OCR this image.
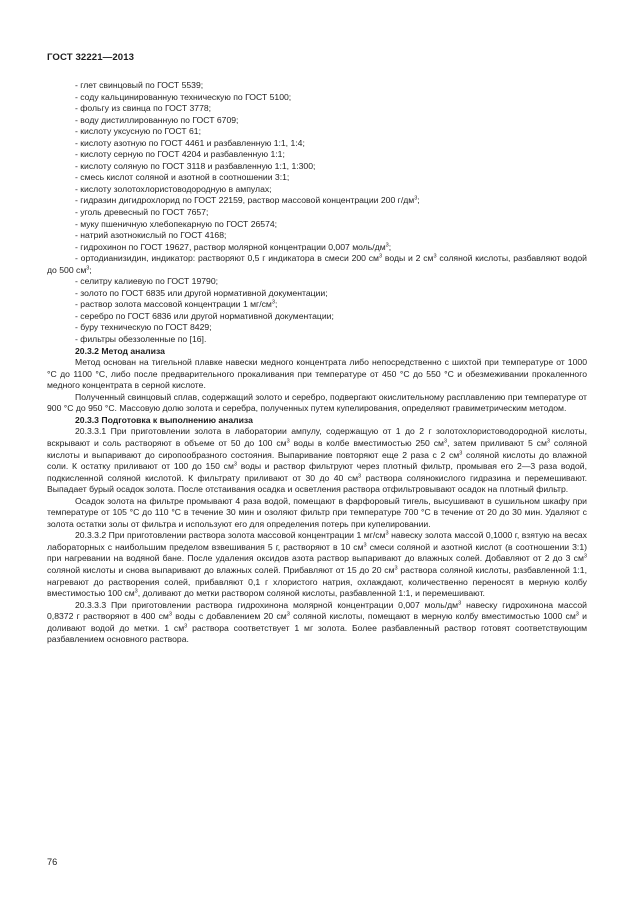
ГОСТ 32221—2013
- глет свинцовый по ГОСТ 5539;
- соду кальцинированную техническую по ГОСТ 5100;
- фольгу из свинца по ГОСТ 3778;
- воду дистиллированную по ГОСТ 6709;
- кислоту уксусную по ГОСТ 61;
- кислоту азотную по ГОСТ 4461 и разбавленную 1:1, 1:4;
- кислоту серную по ГОСТ 4204 и разбавленную 1:1;
- кислоту соляную по ГОСТ 3118 и разбавленную 1:1, 1:300;
- смесь кислот соляной и азотной в соотношении 3:1;
- кислоту золотохлористоводородную в ампулах;
- гидразин дигидрохлорид по ГОСТ 22159, раствор массовой концентрации 200 $г/дм^3$;
- уголь древесный по ГОСТ 7657;
- муку пшеничную хлебопекарную по ГОСТ 26574;
- натрий азотнокислый по ГОСТ 4168;
- гидрохинон по ГОСТ 19627, раствор молярной концентрации 0,007 моль/$дм^3$;
- ортодианизидин, индикатор: растворяют 0,5 г индикатора в смеси 200 $см^3$ воды и 2 $см^3$ соляной кислоты, разбавляют водой до 500 $см^3$;
- селитру калиевую по ГОСТ 19790;
- золото по ГОСТ 6835 или другой нормативной документации;
- раствор золота массовой концентрации 1 $мг/см^3$;
- серебро по ГОСТ 6836 или другой нормативной документации;
- буру техническую по ГОСТ 8429;
- фильтры обеззоленные по [16].
20.3.2 Метод анализа
Метод основан на тигельной плавке навески медного концентрата либо непосредственно с шихтой при температуре от 1000 °С до 1100 °С, либо после предварительного прокаливания при температуре от 450 °С до 550 °С и обезмеживании прокаленного медного концентрата в серной кислоте.
Полученный свинцовый сплав, содержащий золото и серебро, подвергают окислительному расплавлению при температуре от 900 °С до 950 °С. Массовую долю золота и серебра, полученных путем купелирования, определяют гравиметрическим методом.
20.3.3 Подготовка к выполнению анализа
20.3.3.1 При приготовлении золота в лаборатории ампулу, содержащую от 1 до 2 г золотохлористоводородной кислоты, вскрывают и соль растворяют в объеме от 50 до 100 $см^3$ воды в колбе вместимостью 250 $см^3$, затем приливают 5 $см^3$ соляной кислоты и выпаривают до сиропообразного состояния. Выпаривание повторяют еще 2 раза с 2 $см^3$ соляной кислоты до влажной соли. К остатку приливают от 100 до 150 $см^3$ воды и раствор фильтруют через плотный фильтр, промывая его 2—3 раза водой, подкисленной соляной кислотой. К фильтрату приливают от 30 до 40 $см^3$ раствора солянокислого гидразина и перемешивают. Выпадает бурый осадок золота. После отстаивания осадка и осветления раствора отфильтровывают осадок на плотный фильтр.
Осадок золота на фильтре промывают 4 раза водой, помещают в фарфоровый тигель, высушивают в сушильном шкафу при температуре от 105 °С до 110 °С в течение 30 мин и озоляют фильтр при температуре 700 °С в течение от 20 до 30 мин. Удаляют с золота остатки золы от фильтра и используют его для определения потерь при купелировании.
20.3.3.2 При приготовлении раствора золота массовой концентрации 1 $мг/см^3$ навеску золота массой 0,1000 г, взятую на весах лабораторных с наибольшим пределом взвешивания 5 г, растворяют в 10 $см^3$ смеси соляной и азотной кислот (в соотношении 3:1) при нагревании на водяной бане. После удаления оксидов азота раствор выпаривают до влажных солей. Добавляют от 2 до 3 $см^3$ соляной кислоты и снова выпаривают до влажных солей. Прибавляют от 15 до 20 $см^3$ раствора соляной кислоты, разбавленной 1:1, нагревают до растворения солей, прибавляют 0,1 г хлористого натрия, охлаждают, количественно переносят в мерную колбу вместимостью 100 $см^3$, доливают до метки раствором соляной кислоты, разбавленной 1:1, и перемешивают.
20.3.3.3 При приготовлении раствора гидрохинона молярной концентрации 0,007 моль/$дм^3$ навеску гидрохинона массой 0,8372 г растворяют в 400 $см^3$ воды с добавлением 20 $см^3$ соляной кислоты, помещают в мерную колбу вместимостью 1000 $см^3$ и доливают водой до метки. 1 $см^3$ раствора соответствует 1 мг золота. Более разбавленный раствор готовят соответствующим разбавлением основного раствора.
76
